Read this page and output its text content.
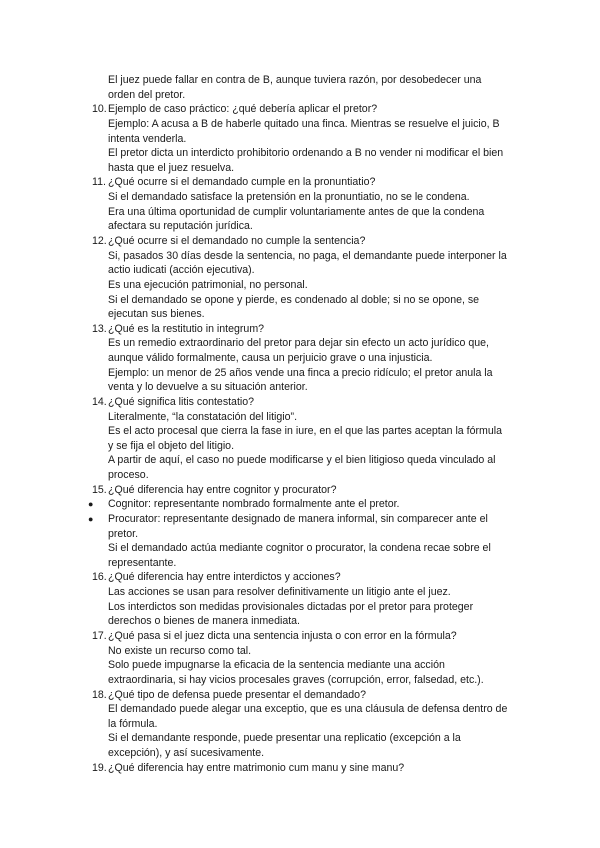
El juez puede fallar en contra de B, aunque tuviera razón, por desobedecer una
orden del pretor.
10. Ejemplo de caso práctico: ¿qué debería aplicar el pretor?
Ejemplo: A acusa a B de haberle quitado una finca. Mientras se resuelve el juicio, B
intenta venderla.
El pretor dicta un interdicto prohibitorio ordenando a B no vender ni modificar el bien
hasta que el juez resuelva.
11. ¿Qué ocurre si el demandado cumple en la pronuntiatio?
Si el demandado satisface la pretensión en la pronuntiatio, no se le condena.
Era una última oportunidad de cumplir voluntariamente antes de que la condena
afectara su reputación jurídica.
12. ¿Qué ocurre si el demandado no cumple la sentencia?
Si, pasados 30 días desde la sentencia, no paga, el demandante puede interponer la
actio iudicati (acción ejecutiva).
Es una ejecución patrimonial, no personal.
Si el demandado se opone y pierde, es condenado al doble; si no se opone, se
ejecutan sus bienes.
13. ¿Qué es la restitutio in integrum?
Es un remedio extraordinario del pretor para dejar sin efecto un acto jurídico que,
aunque válido formalmente, causa un perjuicio grave o una injusticia.
Ejemplo: un menor de 25 años vende una finca a precio ridículo; el pretor anula la
venta y lo devuelve a su situación anterior.
14. ¿Qué significa litis contestatio?
Literalmente, “la constatación del litigio”.
Es el acto procesal que cierra la fase in iure, en el que las partes aceptan la fórmula
y se fija el objeto del litigio.
A partir de aquí, el caso no puede modificarse y el bien litigioso queda vinculado al
proceso.
15. ¿Qué diferencia hay entre cognitor y procurator?
● Cognitor: representante nombrado formalmente ante el pretor.
● Procurator: representante designado de manera informal, sin comparecer ante el
pretor.
Si el demandado actúa mediante cognitor o procurator, la condena recae sobre el
representante.
16. ¿Qué diferencia hay entre interdictos y acciones?
Las acciones se usan para resolver definitivamente un litigio ante el juez.
Los interdictos son medidas provisionales dictadas por el pretor para proteger
derechos o bienes de manera inmediata.
17. ¿Qué pasa si el juez dicta una sentencia injusta o con error en la fórmula?
No existe un recurso como tal.
Solo puede impugnarse la eficacia de la sentencia mediante una acción
extraordinaria, si hay vicios procesales graves (corrupción, error, falsedad, etc.).
18. ¿Qué tipo de defensa puede presentar el demandado?
El demandado puede alegar una exceptio, que es una cláusula de defensa dentro de
la fórmula.
Si el demandante responde, puede presentar una replicatio (excepción a la
excepción), y así sucesivamente.
19. ¿Qué diferencia hay entre matrimonio cum manu y sine manu?
